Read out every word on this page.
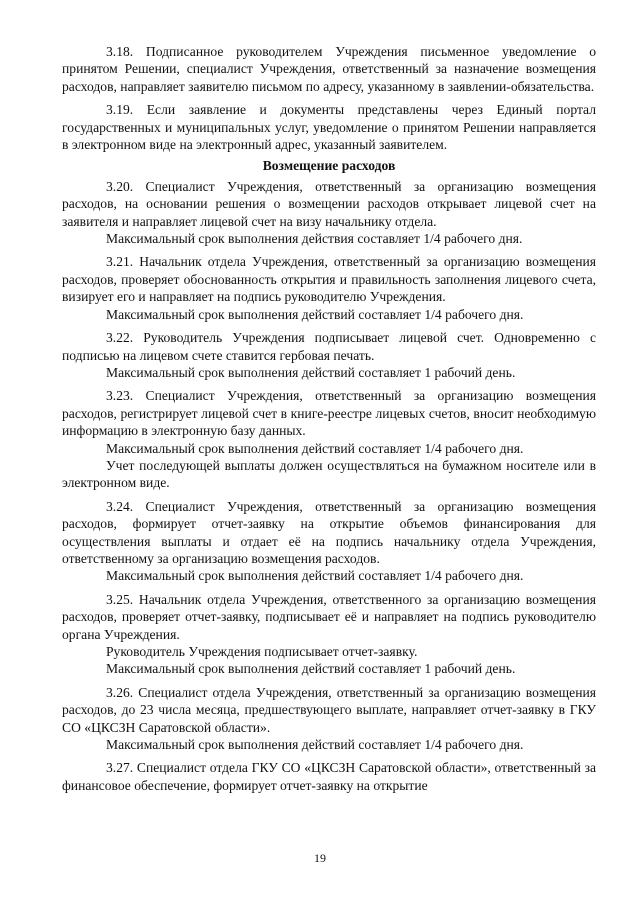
3.18. Подписанное руководителем Учреждения письменное уведомление о принятом Решении, специалист Учреждения, ответственный за назначение возмещения расходов, направляет заявителю письмом по адресу, указанному в заявлении-обязательства.

3.19. Если заявление и документы представлены через Единый портал государственных и муниципальных услуг, уведомление о принятом Решении направляется в электронном виде на электронный адрес, указанный заявителем.

Возмещение расходов

3.20. Специалист Учреждения, ответственный за организацию возмещения расходов, на основании решения о возмещении расходов открывает лицевой счет на заявителя и направляет лицевой счет на визу начальнику отдела.

Максимальный срок выполнения действия составляет 1/4 рабочего дня.

3.21. Начальник отдела Учреждения, ответственный за организацию возмещения расходов, проверяет обоснованность открытия и правильность заполнения лицевого счета, визирует его и направляет на подпись руководителю Учреждения.

Максимальный срок выполнения действий составляет 1/4 рабочего дня.

3.22. Руководитель Учреждения подписывает лицевой счет. Одновременно с подписью на лицевом счете ставится гербовая печать.

Максимальный срок выполнения действий составляет 1 рабочий день.

3.23. Специалист Учреждения, ответственный за организацию возмещения расходов, регистрирует лицевой счет в книге-реестре лицевых счетов, вносит необходимую информацию в электронную базу данных.

Максимальный срок выполнения действий составляет 1/4 рабочего дня.

Учет последующей выплаты должен осуществляться на бумажном носителе или в электронном виде.

3.24. Специалист Учреждения, ответственный за организацию возмещения расходов, формирует отчет-заявку на открытие объемов финансирования для осуществления выплаты и отдает её на подпись начальнику отдела Учреждения, ответственному за организацию возмещения расходов.

Максимальный срок выполнения действий составляет 1/4 рабочего дня.

3.25. Начальник отдела Учреждения, ответственного за организацию возмещения расходов, проверяет отчет-заявку, подписывает её и направляет на подпись руководителю органа Учреждения.

Руководитель Учреждения подписывает отчет-заявку.

Максимальный срок выполнения действий составляет 1 рабочий день.

3.26. Специалист отдела Учреждения, ответственный за организацию возмещения расходов, до 23 числа месяца, предшествующего выплате, направляет отчет-заявку в ГКУ СО «ЦКСЗН Саратовской области».

Максимальный срок выполнения действий составляет 1/4 рабочего дня.

3.27. Специалист отдела ГКУ СО «ЦКСЗН Саратовской области», ответственный за финансовое обеспечение, формирует отчет-заявку на открытие

19
